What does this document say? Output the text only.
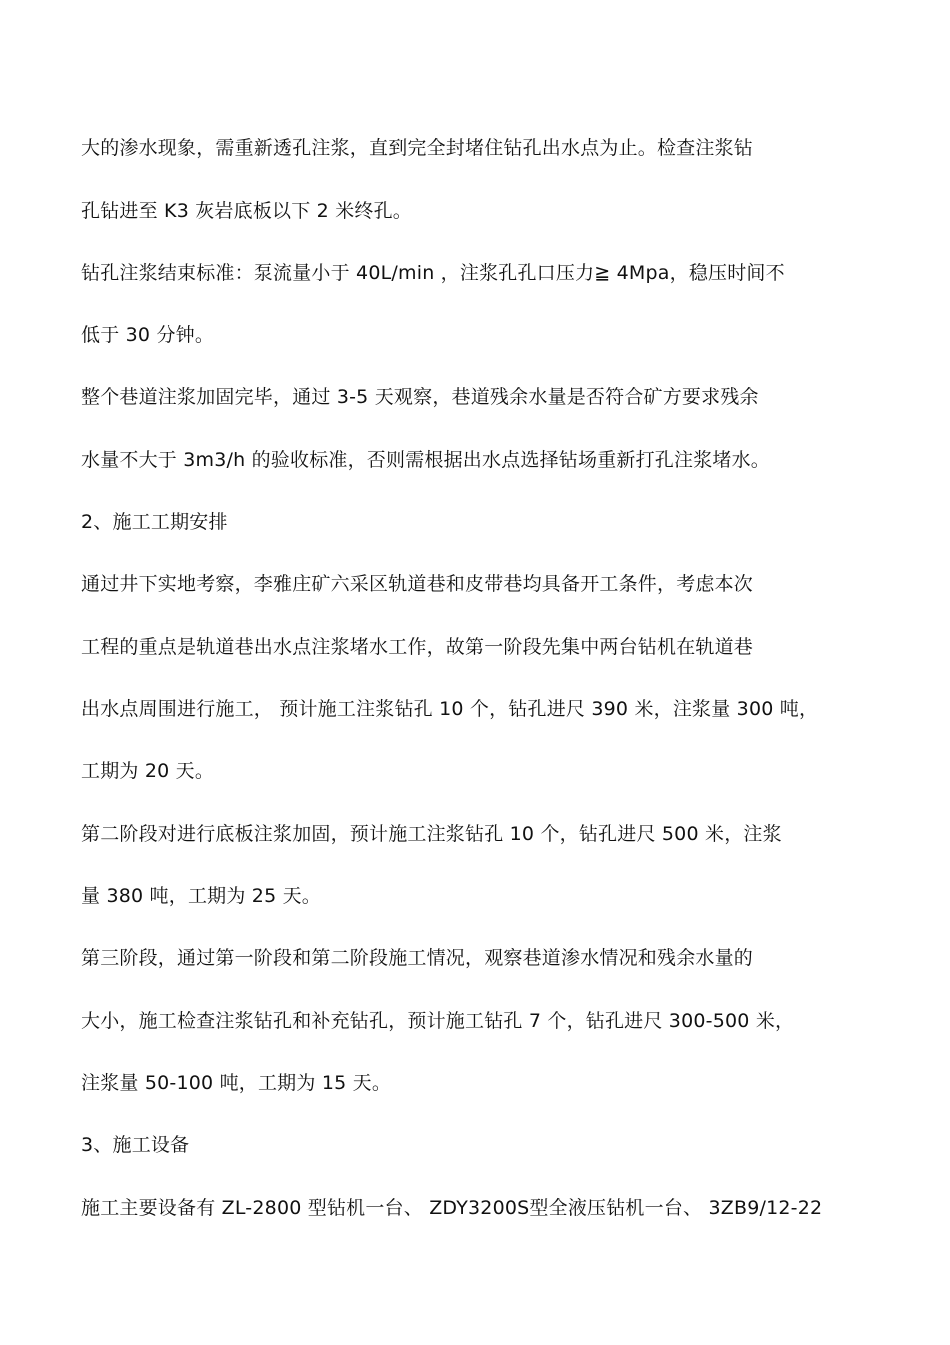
大的渗水现象，需重新透孔注浆，直到完全封堵住钻孔出水点为止。检查注浆钻
孔钻进至 K3 灰岩底板以下 2 米终孔。
钻孔注浆结束标准：泵流量小于 40L/min ，注浆孔孔口压力≧ 4Mpa，稳压时间不
低于 30 分钟。
整个巷道注浆加固完毕，通过 3-5 天观察，巷道残余水量是否符合矿方要求残余
水量不大于 3m3/h 的验收标准，否则需根据出水点选择钻场重新打孔注浆堵水。
2、施工工期安排
通过井下实地考察，李雅庄矿六采区轨道巷和皮带巷均具备开工条件，考虑本次
工程的重点是轨道巷出水点注浆堵水工作，故第一阶段先集中两台钻机在轨道巷
出水点周围进行施工， 预计施工注浆钻孔 10 个，钻孔进尺 390 米，注浆量 300 吨，
工期为 20 天。
第二阶段对进行底板注浆加固，预计施工注浆钻孔 10 个，钻孔进尺 500 米，注浆
量 380 吨，工期为 25 天。
第三阶段，通过第一阶段和第二阶段施工情况，观察巷道渗水情况和残余水量的
大小，施工检查注浆钻孔和补充钻孔，预计施工钻孔 7 个，钻孔进尺 300-500 米，
注浆量 50-100 吨，工期为 15 天。
3、施工设备
施工主要设备有 ZL-2800 型钻机一台、 ZDY3200S型全液压钻机一台、 3ZB9/12-22
